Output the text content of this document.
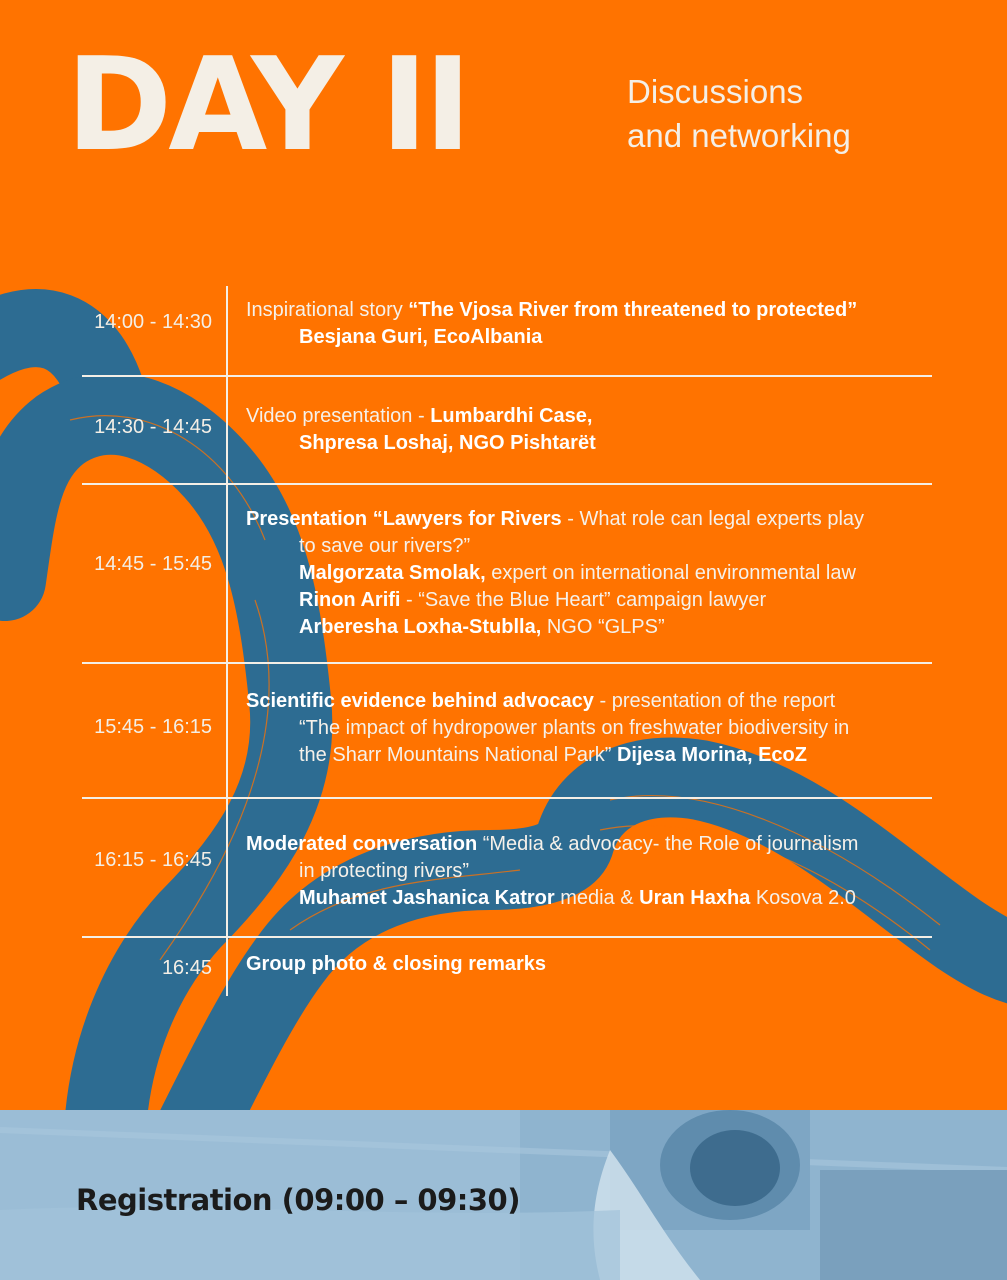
DAY II	Discussions
and networking

14:00 - 14:30
Inspirational story “The Vjosa River from threatened to protected”
Besjana Guri, EcoAlbania
14:30 - 14:45 Video presentation - Lumbardhi Case,
Shpresa Loshaj, NGO Pishtarët
14:45 - 15:45
Presentation “Lawyers for Rivers - What role can legal experts play
to save our rivers?”
Malgorzata Smolak, expert on international environmental law
Rinon Arifi - “Save the Blue Heart” campaign lawyer
Arberesha Loxha-Stublla, NGO “GLPS”
15:45 - 16:15
Scientific evidence behind advocacy - presentation of the report
“The impact of hydropower plants on freshwater biodiversity in
the Sharr Mountains National Park” Dijesa Morina, EcoZ
16:15 - 16:45
Moderated conversation “Media & advocacy- the Role of journalism
in protecting rivers”
Muhamet Jashanica Katror media & Uran Haxha Kosova 2.0
16:45 Group photo & closing remarks
Registration (09:00 – 09:30)
